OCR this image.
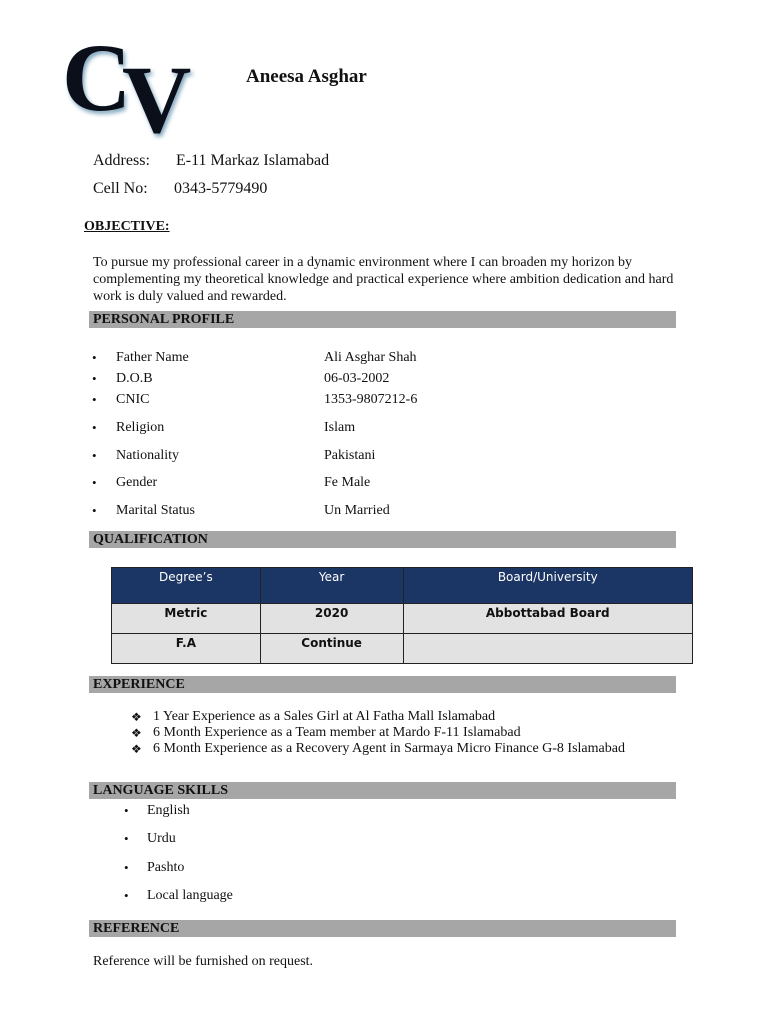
C
V	Aneesa Asghar
Address: E-11 Markaz Islamabad
Cell No: 0343-5779490
OBJECTIVE:
To pursue my professional career in a dynamic environment where I can broaden my horizon by complementing my theoretical knowledge and practical experience where ambition dedication and hard work is duly valued and rewarded.
PERSONAL PROFILE
• Father Name	Ali Asghar Shah
• D.O.B	06-03-2002
• CNIC	1353-9807212-6
• Religion	Islam
• Nationality	Pakistani
• Gender	Fe Male
• Marital Status	Un Married
QUALIFICATION
Degree’s	Year	Board/University
Metric	2020	Abbottabad Board
F.A	Continue	
EXPERIENCE
❖ 1 Year Experience as a Sales Girl at Al Fatha Mall Islamabad
❖ 6 Month Experience as a Team member at Mardo F-11 Islamabad
❖ 6 Month Experience as a Recovery Agent in Sarmaya Micro Finance G-8 Islamabad
LANGUAGE SKILLS
• English
• Urdu
• Pashto
• Local language
REFERENCE
Reference will be furnished on request.
